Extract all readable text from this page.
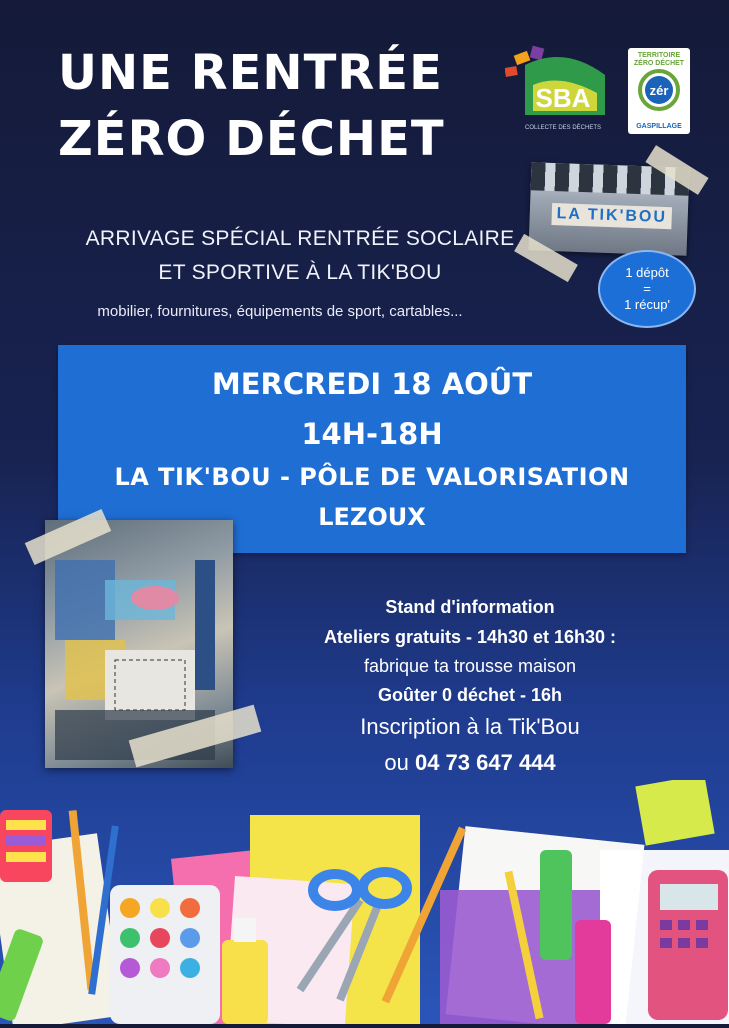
UNE RENTRÉE
ZÉRO DÉCHET
SBA
COLLECTE DES DÉCHETS
TERRITOIRE ZÉRO DÉCHET
zér
GASPILLAGE
ARRIVAGE SPÉCIAL RENTRÉE SOCLAIRE
ET SPORTIVE À LA TIK'BOU
mobilier, fournitures, équipements de sport, cartables...
LA TIK'BOU
1 dépôt
=
1 récup'
MERCREDI 18 AOÛT
14H-18H
LA TIK'BOU - PÔLE DE VALORISATION
LEZOUX
Stand d'information
Ateliers gratuits - 14h30 et 16h30 :
fabrique ta trousse maison
Goûter 0 déchet - 16h
Inscription à la Tik'Bou
ou 04 73 647 444
